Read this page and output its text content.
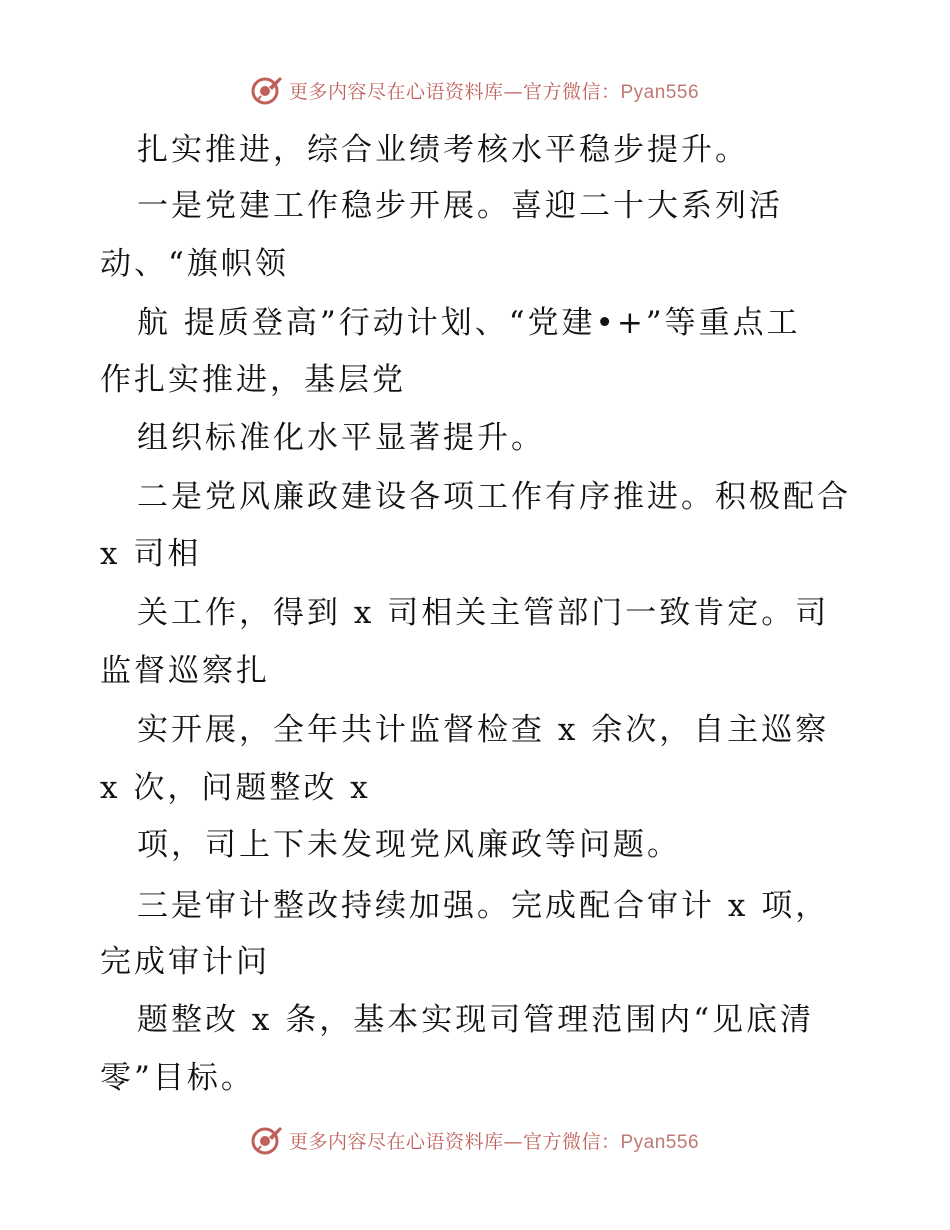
更多内容尽在心语资料库—官方微信：Pyan556
扎实推进，综合业绩考核水平稳步提升。
一是党建工作稳步开展。喜迎二十大系列活
动、“旗帜领
航 提质登高”行动计划、“党建•+”等重点工
作扎实推进，基层党
组织标准化水平显著提升。
二是党风廉政建设各项工作有序推进。积极配合
x 司相
关工作，得到 x 司相关主管部门一致肯定。司
监督巡察扎
实开展，全年共计监督检查 x 余次，自主巡察
x 次，问题整改 x
项，司上下未发现党风廉政等问题。
三是审计整改持续加强。完成配合审计 x 项，
完成审计问
题整改 x 条，基本实现司管理范围内“见底清
零”目标。
更多内容尽在心语资料库—官方微信：Pyan556
